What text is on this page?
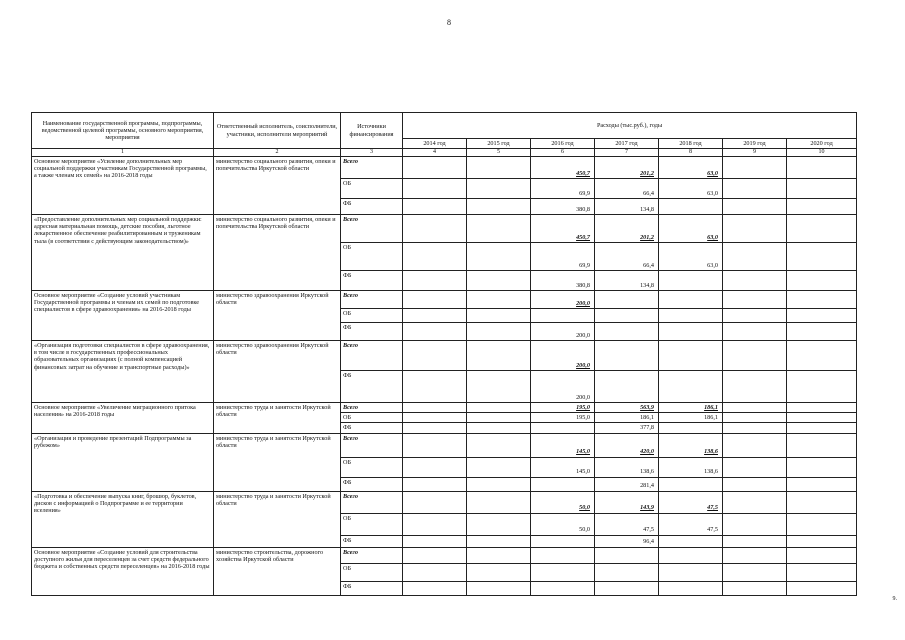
8
Наименование государственной программы, подпрограммы, ведомственной целевой программы, основного мероприятия, мероприятия	Ответственный исполнитель, соисполнители, участники, исполнители мероприятий	Источники финансирования	Расходы (тыс.руб.), годы						
			2014 год	2015 год	2016 год	2017 год	2018 год	2019 год	2020 год
1	2	3	4	5	6	7	8	9	10
Основное мероприятие «Усиление дополнительных мер социальной поддержки участникам Государственной программы, а также членам их семей» на 2016-2018 годы	министерство социального развития, опеки и попечительства Иркутской области	Всего			450,7	201,2	63,0		
		ОБ			69,9	66,4	63,0		
		ФБ			380,8	134,8			
«Предоставление дополнительных мер социальной поддержки: адресная материальная помощь, детские пособия, льготное лекарственное обеспечение реабилитированным и труженикам тыла (в соответствии с действующим законодательством)»	министерство социального развития, опеки и попечительства Иркутской области	Всего			450,7	201,2	63,0		
		ОБ			69,9	66,4	63,0		
		ФБ			380,8	134,8			
Основное мероприятие «Создание условий участникам Государственной программы и членам их семей по подготовке специалистов в сфере здравоохранения» на 2016-2018 годы	министерство здравоохранения Иркутской области	Всего			200,0				
		ОБ							
		ФБ			200,0				
«Организация подготовки специалистов в сфере здравоохранения, в том числе в государственных профессиональных образовательных организациях (с полной компенсацией финансовых затрат на обучение и транспортные расходы)»	министерство здравоохранения Иркутской области	Всего			200,0				
		ФБ			200,0				
Основное мероприятие «Увеличение миграционного притока населения» на 2016-2018 годы	министерство труда и занятости Иркутской области	Всего			195,0	563,9	186,1		
		ОБ			195,0	186,1	186,1		
		ФБ				377,8			
«Организация и проведение презентаций Подпрограммы за рубежом»	министерство труда и занятости Иркутской области	Всего			145,0	420,0	138,6		
		ОБ			145,0	138,6	138,6		
		ФБ				281,4			
«Подготовка и обеспечение выпуска книг, брошюр, буклетов, дисков с информацией о Подпрограмме и ее территории вселения»	министерство труда и занятости Иркутской области	Всего			50,0	143,9	47,5		
		ОБ			50,0	47,5	47,5		
		ФБ				96,4			
Основное мероприятие «Создание условий для строительства доступного жилья для переселенцев за счет средств федерального бюджета и собственных средств переселенцев» на 2016-2018 годы	министерство строительства, дорожного хозяйства Иркутской области	Всего							
		ОБ							
		ФБ							
9.
